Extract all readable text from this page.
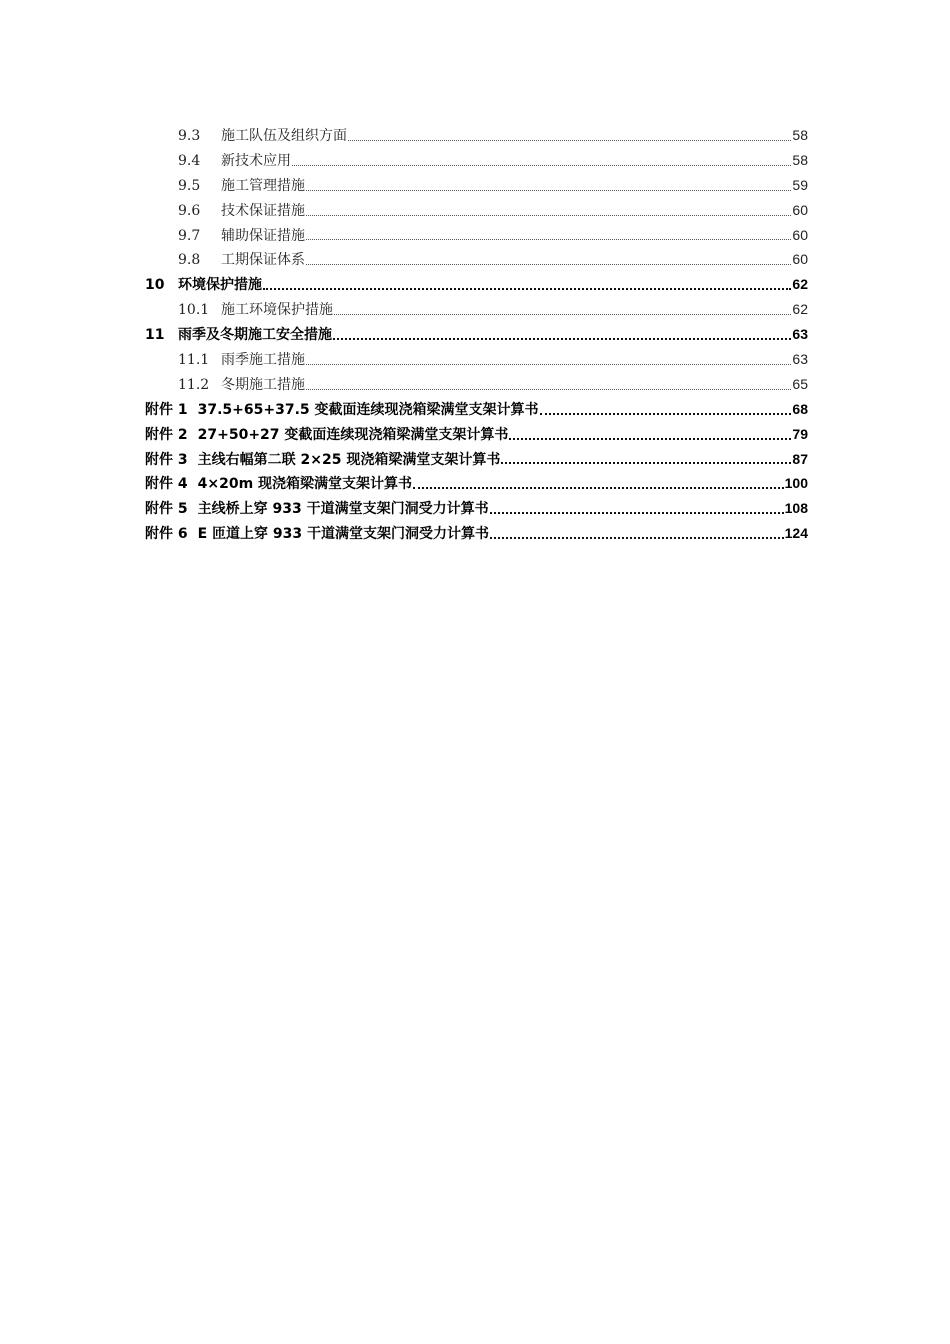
9.3	施工队伍及组织方面	58
9.4	新技术应用	58
9.5	施工管理措施	59
9.6	技术保证措施	60
9.7	辅助保证措施	60
9.8	工期保证体系	60
10 环境保护措施	62
10.1 施工环境保护措施	62
11 雨季及冬期施工安全措施	63
11.1 雨季施工措施	63
11.2 冬期施工措施	65
附件 1 37.5+65+37.5 变截面连续现浇箱梁满堂支架计算书	68
附件 2 27+50+27 变截面连续现浇箱梁满堂支架计算书	79
附件 3 主线右幅第二联 2×25 现浇箱梁满堂支架计算书	87
附件 4 4×20m 现浇箱梁满堂支架计算书	100
附件 5 主线桥上穿 933 干道满堂支架门洞受力计算书	108
附件 6 E 匝道上穿 933 干道满堂支架门洞受力计算书	124
